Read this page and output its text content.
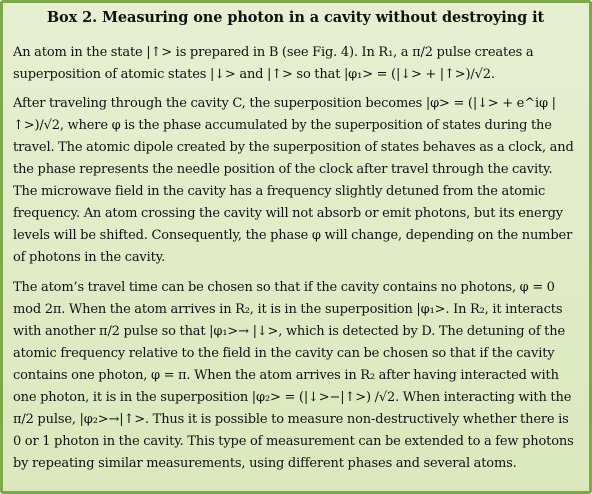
Box 2. Measuring one photon in a cavity without destroying it

An atom in the state |↑> is prepared in B (see Fig. 4). In R₁, a π/2 pulse creates a superposition of atomic states |↓> and |↑> so that |φ₁> = (|↓> + |↑>)/√2.

After traveling through the cavity C, the superposition becomes |φ> = (|↓> + e^iφ |↑>)/√2, where φ is the phase accumulated by the superposition of states during the travel. The atomic dipole created by the superposition of states behaves as a clock, and the phase represents the needle position of the clock after travel through the cavity. The microwave field in the cavity has a frequency slightly detuned from the atomic frequency. An atom crossing the cavity will not absorb or emit photons, but its energy levels will be shifted. Consequently, the phase φ will change, depending on the number of photons in the cavity.

The atom’s travel time can be chosen so that if the cavity contains no photons, φ = 0 mod 2π. When the atom arrives in R₂, it is in the superposition |φ₁>. In R₂, it interacts with another π/2 pulse so that |φ₁>→ |↓>, which is detected by D. The detuning of the atomic frequency relative to the field in the cavity can be chosen so that if the cavity contains one photon, φ = π. When the atom arrives in R₂ after having interacted with one photon, it is in the superposition |φ₂> = (|↓>−|↑>) /√2. When interacting with the π/2 pulse, |φ₂>→|↑>. Thus it is possible to measure non-destructively whether there is 0 or 1 photon in the cavity. This type of measurement can be extended to a few photons by repeating similar measurements, using different phases and several atoms.
